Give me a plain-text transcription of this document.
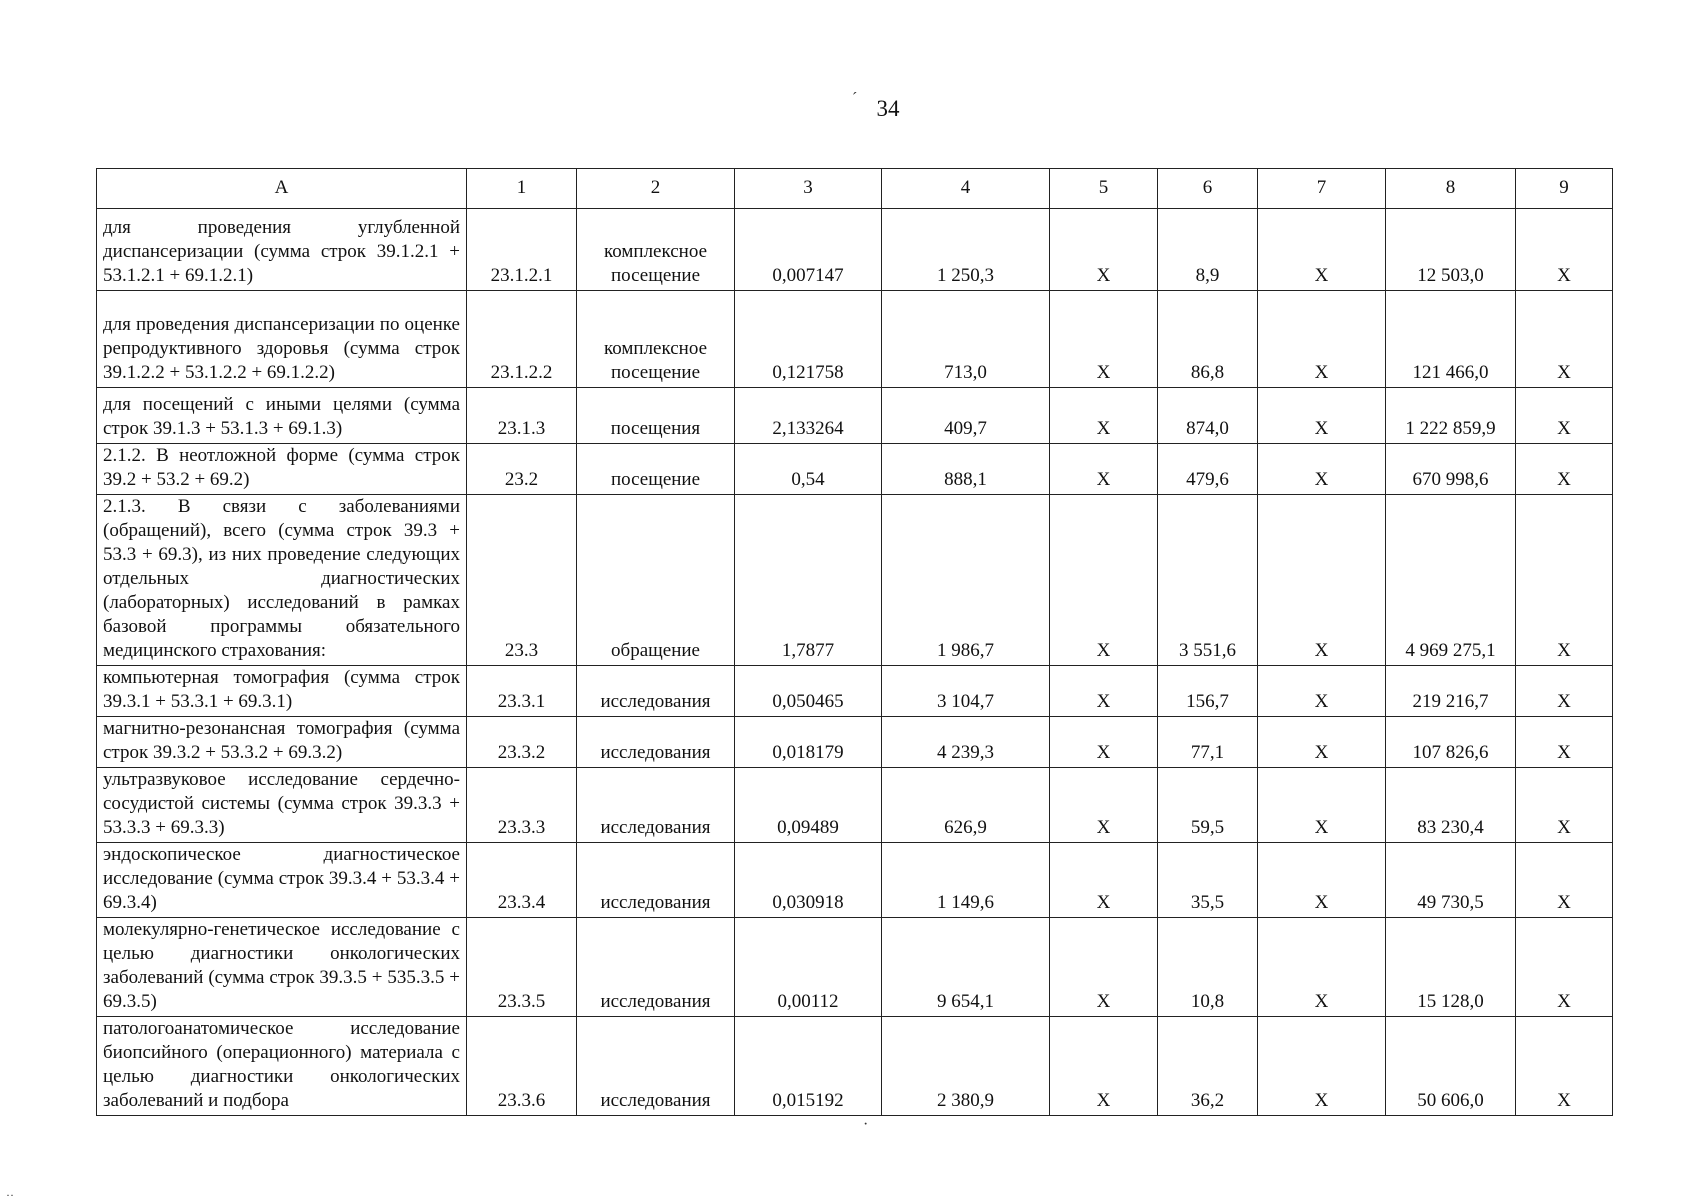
34
А	1	2	3	4	5	6	7	8	9
для проведения углубленной диспансеризации (сумма строк 39.1.2.1 + 53.1.2.1 + 69.1.2.1)	23.1.2.1	комплексное посещение	0,007147	1 250,3	X	8,9	X	12 503,0	X
для проведения диспансеризации по оценке репродуктивного здоровья (сумма строк 39.1.2.2 + 53.1.2.2 + 69.1.2.2)	23.1.2.2	комплексное посещение	0,121758	713,0	X	86,8	X	121 466,0	X
для посещений с иными целями (сумма строк 39.1.3 + 53.1.3 + 69.1.3)	23.1.3	посещения	2,133264	409,7	X	874,0	X	1 222 859,9	X
2.1.2. В неотложной форме (сумма строк 39.2 + 53.2 + 69.2)	23.2	посещение	0,54	888,1	X	479,6	X	670 998,6	X
2.1.3. В связи с заболеваниями (обращений), всего (сумма строк 39.3 + 53.3 + 69.3), из них проведение следующих отдельных диагностических (лабораторных) исследований в рамках базовой программы обязательного медицинского страхования:	23.3	обращение	1,7877	1 986,7	X	3 551,6	X	4 969 275,1	X
компьютерная томография (сумма строк 39.3.1 + 53.3.1 + 69.3.1)	23.3.1	исследования	0,050465	3 104,7	X	156,7	X	219 216,7	X
магнитно-резонансная томография (сумма строк 39.3.2 + 53.3.2 + 69.3.2)	23.3.2	исследования	0,018179	4 239,3	X	77,1	X	107 826,6	X
ультразвуковое исследование сердечно-сосудистой системы (сумма строк 39.3.3 + 53.3.3 + 69.3.3)	23.3.3	исследования	0,09489	626,9	X	59,5	X	83 230,4	X
эндоскопическое диагностическое исследование (сумма строк 39.3.4 + 53.3.4 + 69.3.4)	23.3.4	исследования	0,030918	1 149,6	X	35,5	X	49 730,5	X
молекулярно-генетическое исследование с целью диагностики онкологических заболеваний (сумма строк 39.3.5 + 535.3.5 + 69.3.5)	23.3.5	исследования	0,00112	9 654,1	X	10,8	X	15 128,0	X
патологоанатомическое исследование биопсийного (операционного) материала с целью диагностики онкологических заболеваний и подбора	23.3.6	исследования	0,015192	2 380,9	X	36,2	X	50 606,0	X
´
·
··
